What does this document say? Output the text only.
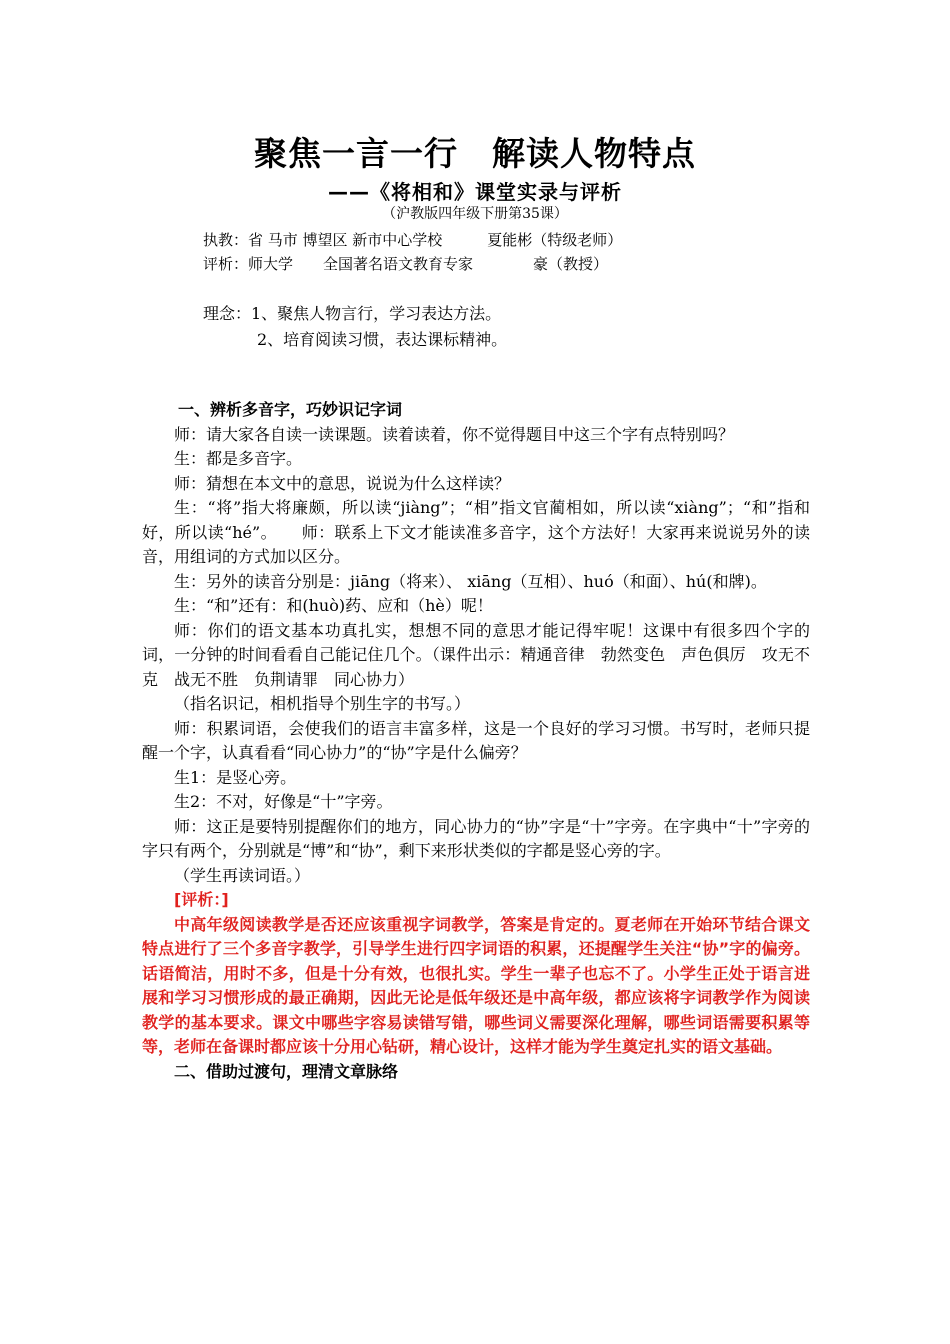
聚焦一言一行　解读人物特点
——《将相和》课堂实录与评析
（沪教版四年级下册第35课）
执教：省 马市 博望区 新市中心学校　　　夏能彬（特级老师）
评析：师大学　　全国著名语文教育专家　　　　豪（教授）
理念：1、聚焦人物言行，学习表达方法。
2、培育阅读习惯，表达课标精神。

一、辨析多音字，巧妙识记字词

师：请大家各自读一读课题。读着读着，你不觉得题目中这三个字有点特别吗？

生：都是多音字。

师：猜想在本文中的意思，说说为什么这样读？

生：“将”指大将廉颇，所以读“jiàng”；“相”指文官蔺相如，所以读“xiàng”；“和”指和好，所以读“hé”。　　师：联系上下文才能读准多音字，这个方法好！大家再来说说另外的读音，用组词的方式加以区分。

生：另外的读音分别是：jiāng（将来）、 xiāng（互相）、huó（和面）、hú(和牌)。

生：“和”还有：和(huò)药、应和（hè）呢！

师：你们的语文基本功真扎实，想想不同的意思才能记得牢呢！这课中有很多四个字的词，一分钟的时间看看自己能记住几个。（课件出示：精通音律　勃然变色　声色俱厉　攻无不克　战无不胜　负荆请罪　同心协力）

（指名识记，相机指导个别生字的书写。）

师：积累词语，会使我们的语言丰富多样，这是一个良好的学习习惯。书写时，老师只提醒一个字，认真看看“同心协力”的“协”字是什么偏旁？

生1：是竖心旁。

生2：不对，好像是“十”字旁。

师：这正是要特别提醒你们的地方，同心协力的“协”字是“十”字旁。在字典中“十”字旁的字只有两个，分别就是“博”和“协”，剩下来形状类似的字都是竖心旁的字。

（学生再读词语。）

[评析：]

中高年级阅读教学是否还应该重视字词教学，答案是肯定的。夏老师在开始环节结合课文特点进行了三个多音字教学，引导学生进行四字词语的积累，还提醒学生关注“协”字的偏旁。话语简洁，用时不多，但是十分有效，也很扎实。学生一辈子也忘不了。小学生正处于语言进展和学习习惯形成的最正确期，因此无论是低年级还是中高年级，都应该将字词教学作为阅读教学的基本要求。课文中哪些字容易读错写错，哪些词义需要深化理解，哪些词语需要积累等等，老师在备课时都应该十分用心钻研，精心设计，这样才能为学生奠定扎实的语文基础。

二、借助过渡句，理清文章脉络
